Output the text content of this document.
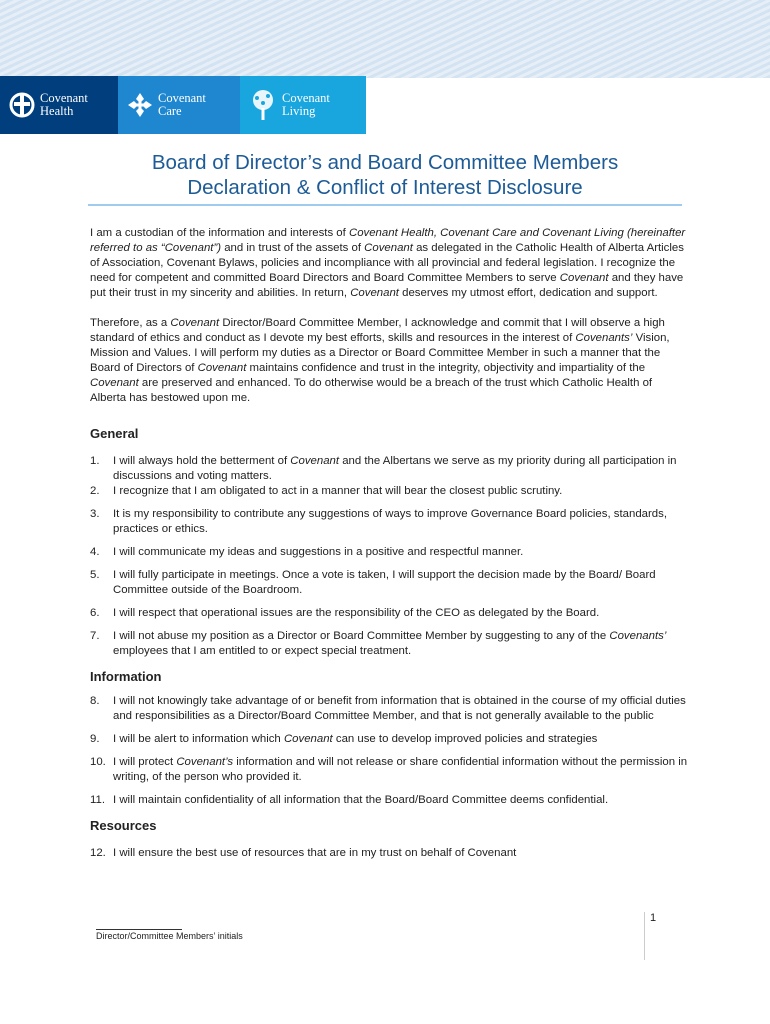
Covenant
Health
Covenant
Care
Covenant
Living
Board of Director’s and Board Committee Members
Declaration & Conflict of Interest Disclosure

I am a custodian of the information and interests of Covenant Health, Covenant Care and Covenant Living (hereinafter referred to as “Covenant”) and in trust of the assets of Covenant as delegated in the Catholic Health of Alberta Articles of Association, Covenant Bylaws, policies and incompliance with all provincial and federal legislation. I recognize the need for competent and committed Board Directors and Board Committee Members to serve Covenant and they have put their trust in my sincerity and abilities. In return, Covenant deserves my utmost effort, dedication and support.

Therefore, as a Covenant Director/Board Committee Member, I acknowledge and commit that I will observe a high standard of ethics and conduct as I devote my best efforts, skills and resources in the interest of Covenants’ Vision, Mission and Values. I will perform my duties as a Director or Board Committee Member in such a manner that the Board of Directors of Covenant maintains confidence and trust in the integrity, objectivity and impartiality of the Covenant are preserved and enhanced. To do otherwise would be a breach of the trust which Catholic Health of Alberta has bestowed upon me.

General
1.	I will always hold the betterment of Covenant and the Albertans we serve as my priority during all participation in discussions and voting matters.
2.	I recognize that I am obligated to act in a manner that will bear the closest public scrutiny.
3.	It is my responsibility to contribute any suggestions of ways to improve Governance Board policies, standards, practices or ethics.
4.	I will communicate my ideas and suggestions in a positive and respectful manner.
5.	I will fully participate in meetings. Once a vote is taken, I will support the decision made by the Board/ Board Committee outside of the Boardroom.
6.	I will respect that operational issues are the responsibility of the CEO as delegated by the Board.
7.	I will not abuse my position as a Director or Board Committee Member by suggesting to any of the Covenants’ employees that I am entitled to or expect special treatment.
Information
8.	I will not knowingly take advantage of or benefit from information that is obtained in the course of my official duties and responsibilities as a Director/Board Committee Member, and that is not generally available to the public
9.	I will be alert to information which Covenant can use to develop improved policies and strategies
10. I will protect Covenant’s information and will not release or share confidential information without the permission in writing, of the person who provided it.
11. I will maintain confidentiality of all information that the Board/Board Committee deems confidential.
Resources
12. I will ensure the best use of resources that are in my trust on behalf of Covenant
1
Director/Committee Members’ initials
